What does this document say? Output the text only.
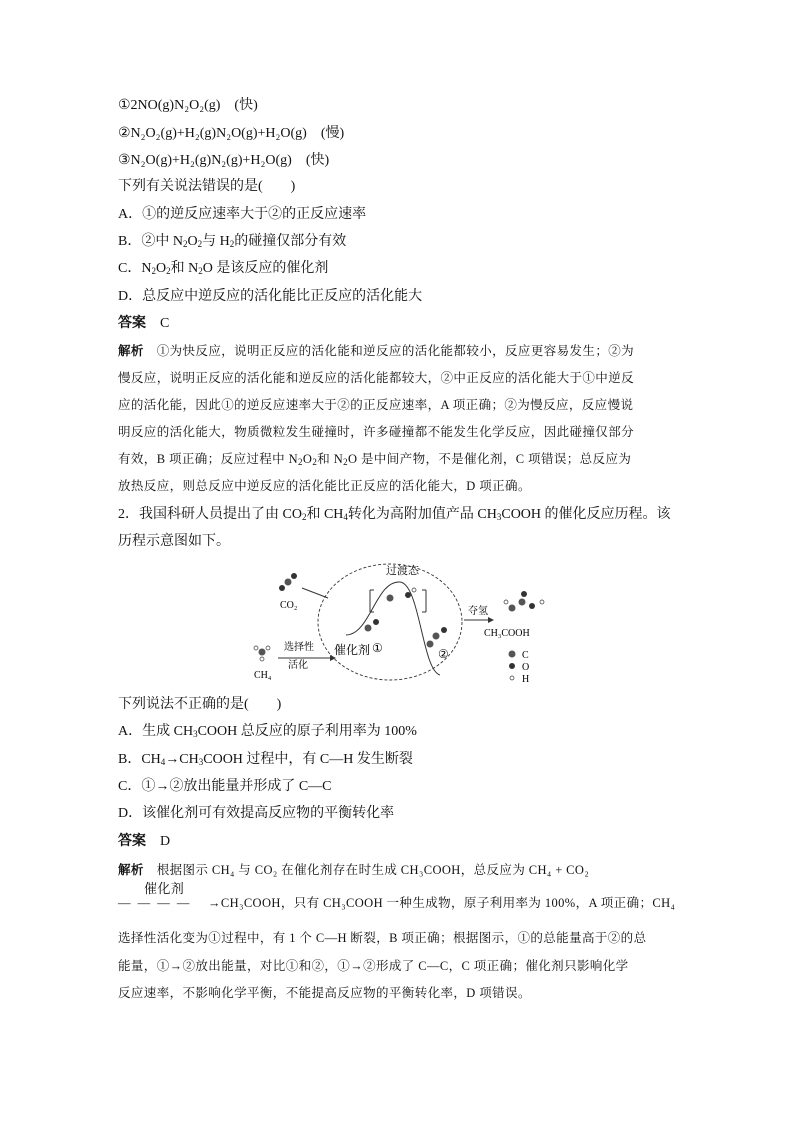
①2NO(g)N₂O₂(g)　 (快)
②N₂O₂(g)+H₂(g)N₂O(g)+H₂O(g)　 (慢)
③N₂O(g)+H₂(g)N₂(g)+H₂O(g)　 (快)
下列有关说法错误的是(　　)
A．①的逆反应速率大于②的正反应速率
B．②中 $N_2O_2$与 $H_2$的碰撞仅部分有效
C．$N_2O_2$和 $N_2O$ 是该反应的催化剂
D．总反应中逆反应的活化能比正反应的活化能大
答案　 C
解析　 ①为快反应，说明正反应的活化能和逆反应的活化能都较小，反应更容易发生；②为
慢反应，说明正反应的活化能和逆反应的活化能都较大，②中正反应的活化能大于①中逆反
应的活化能，因此①的逆反应速率大于②的正反应速率，A 项正确；②为慢反应，反应慢说
明反应的活化能大，物质微粒发生碰撞时，许多碰撞都不能发生化学反应，因此碰撞仅部分
有效，B 项正确；反应过程中 $N_2O_2$和 $N_2O$ 是中间产物，不是催化剂，C 项错误；总反应为
放热反应，则总反应中逆反应的活化能比正反应的活化能大，D 项正确。
2．我国科研人员提出了由 $CO_2$和 $CH_4$转化为高附加值产品 $CH_3COOH$ 的催化反应历程。该
历程示意图如下。
过渡态
CO₂
CH₄
选择性
活化
催化剂 ①	②
夺氢
CH₃COOH
C
O
H
下列说法不正确的是(　　)
A．生成 $CH_3COOH$ 总反应的原子利用率为 100%
B．$CH_4\to CH_3COOH$ 过程中，有 C—H 发生断裂
C．①→②放出能量并形成了 C—C
D．该催化剂可有效提高反应物的平衡转化率
答案　 D
解析　 根据图示 CH₄ 与 CO₂ 在催化剂存在时生成 CH₃COOH，总反应为 CH₄ + CO₂
催化剂
— — — — →CH₃COOH，只有 CH₃COOH 一种生成物，原子利用率为 100%，A 项正确；CH₄
选择性活化变为①过程中，有 1 个 C—H 断裂，B 项正确；根据图示，①的总能量高于②的总
能量，①→②放出能量，对比①和②，①→②形成了 C—C，C 项正确；催化剂只影响化学
反应速率，不影响化学平衡，不能提高反应物的平衡转化率，D 项错误。
